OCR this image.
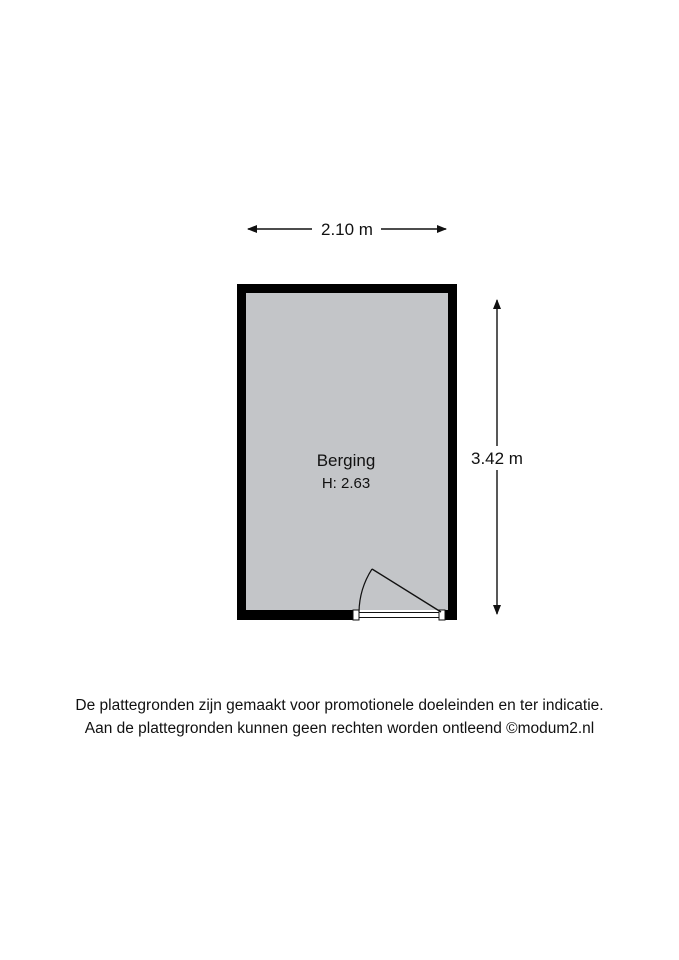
2.10 m
3.42 m
Berging
H: 2.63
De plattegronden zijn gemaakt voor promotionele doeleinden en ter indicatie.
Aan de plattegronden kunnen geen rechten worden ontleend ©modum2.nl
